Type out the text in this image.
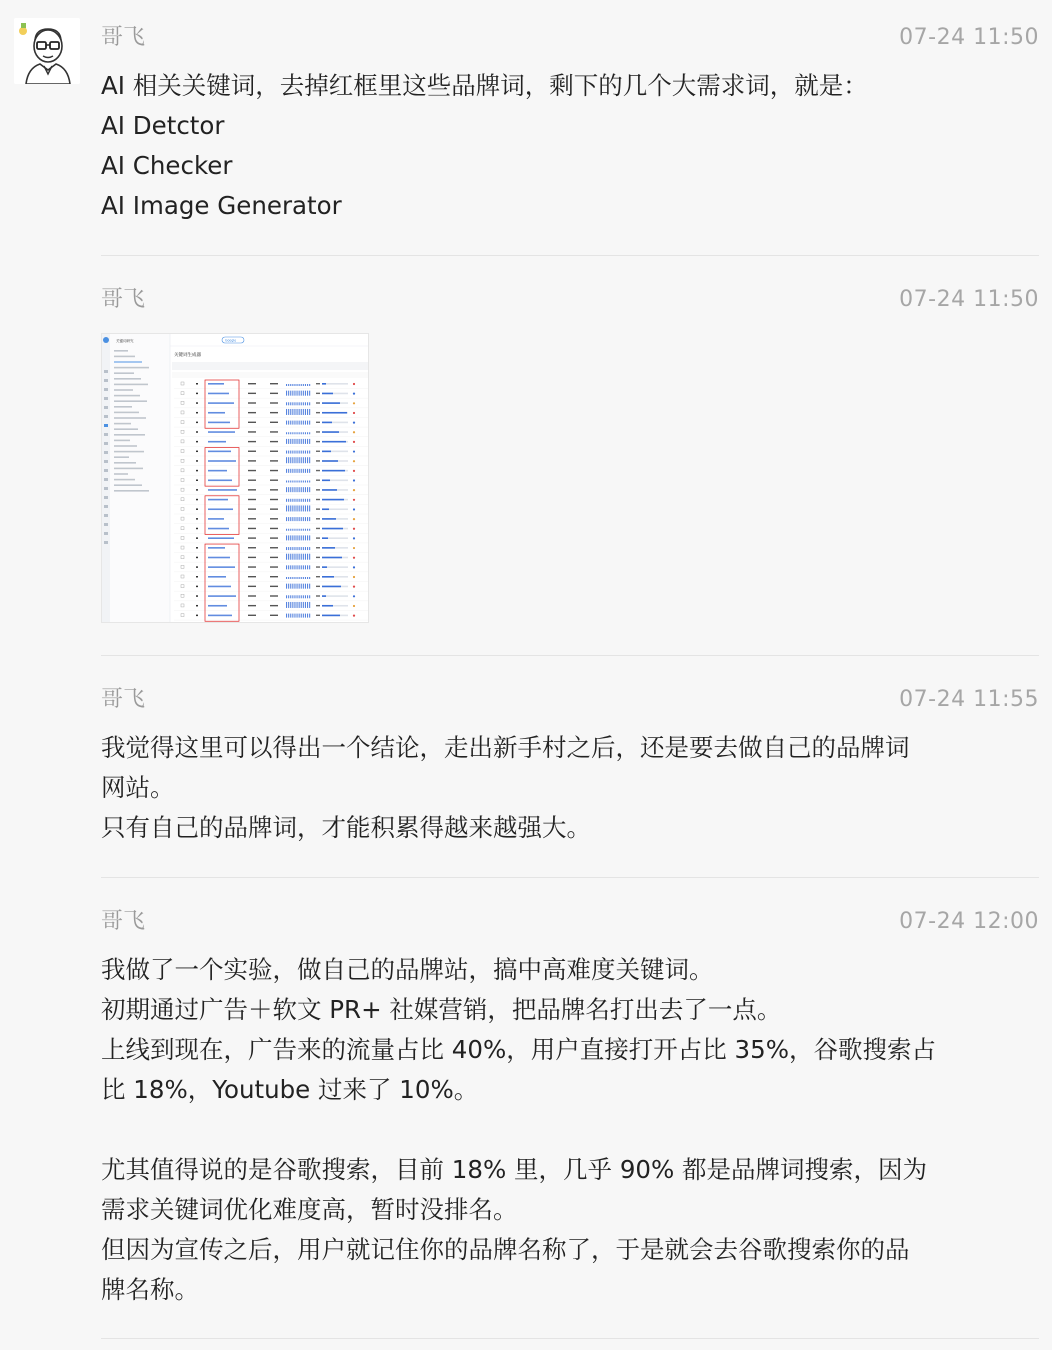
哥飞	07-24 11:50
AI 相关关键词，去掉红框里这些品牌词，剩下的几个大需求词，就是：
AI Detctor
AI Checker
AI Image Generator
哥飞	07-24 11:50
关键词研究	Google
关键词生成器
哥飞	07-24 11:55
我觉得这里可以得出一个结论，走出新手村之后，还是要去做自己的品牌词
网站。
只有自己的品牌词，才能积累得越来越强大。
哥飞	07-24 12:00
我做了一个实验，做自己的品牌站，搞中高难度关键词。
初期通过广告＋软文 PR+ 社媒营销，把品牌名打出去了一点。
上线到现在，广告来的流量占比 40%，用户直接打开占比 35%，谷歌搜索占
比 18%，Youtube 过来了 10%。
尤其值得说的是谷歌搜索，目前 18% 里，几乎 90% 都是品牌词搜索，因为
需求关键词优化难度高，暂时没排名。
但因为宣传之后，用户就记住你的品牌名称了，于是就会去谷歌搜索你的品
牌名称。
